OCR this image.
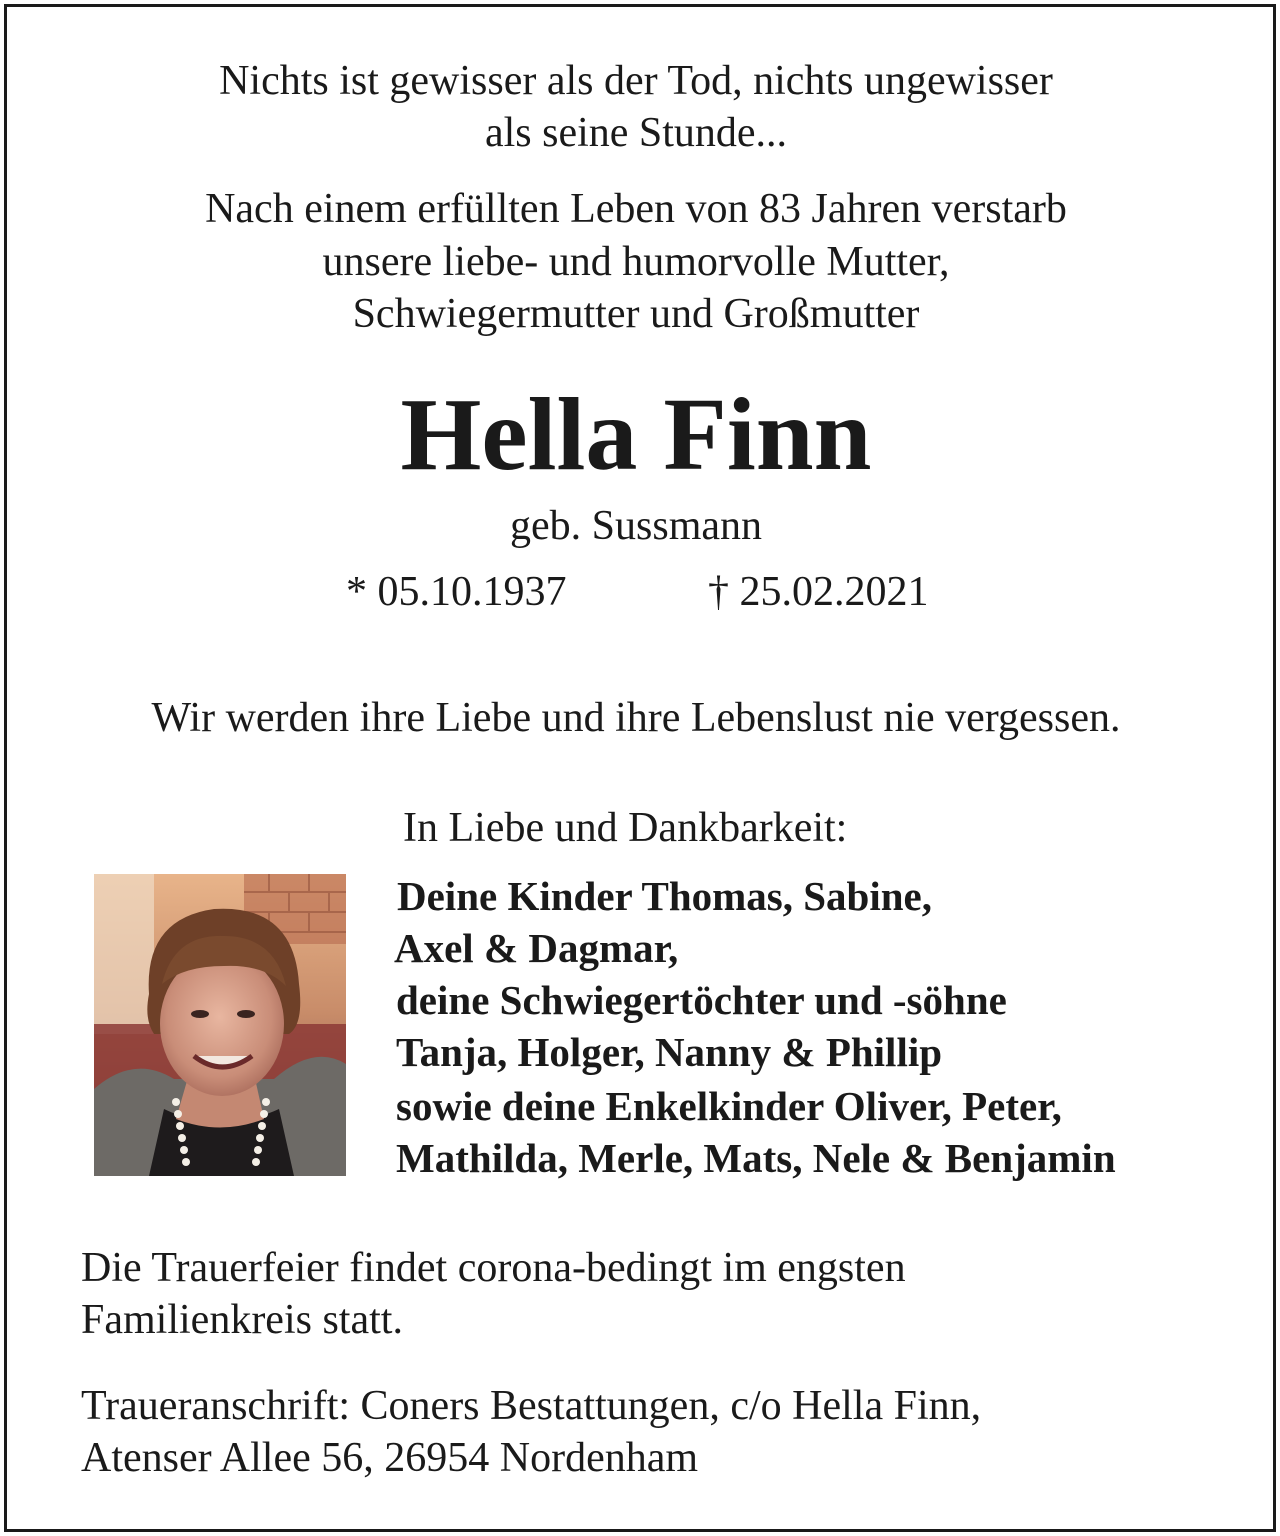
Nichts ist gewisser als der Tod, nichts ungewisser
als seine Stunde...
Nach einem erfüllten Leben von 83 Jahren verstarb
unsere liebe- und humorvolle Mutter,
Schwiegermutter und Großmutter
Hella Finn
geb. Sussmann
* 05.10.1937	† 25.02.2021
Wir werden ihre Liebe und ihre Lebenslust nie vergessen.
In Liebe und Dankbarkeit:
Deine Kinder Thomas, Sabine,
Axel & Dagmar,
deine Schwiegertöchter und -söhne
Tanja, Holger, Nanny & Phillip
sowie deine Enkelkinder Oliver, Peter,
Mathilda, Merle, Mats, Nele & Benjamin
Die Trauerfeier findet corona-bedingt im engsten
Familienkreis statt.
Traueranschrift: Coners Bestattungen, c/o Hella Finn,
Atenser Allee 56, 26954 Nordenham
